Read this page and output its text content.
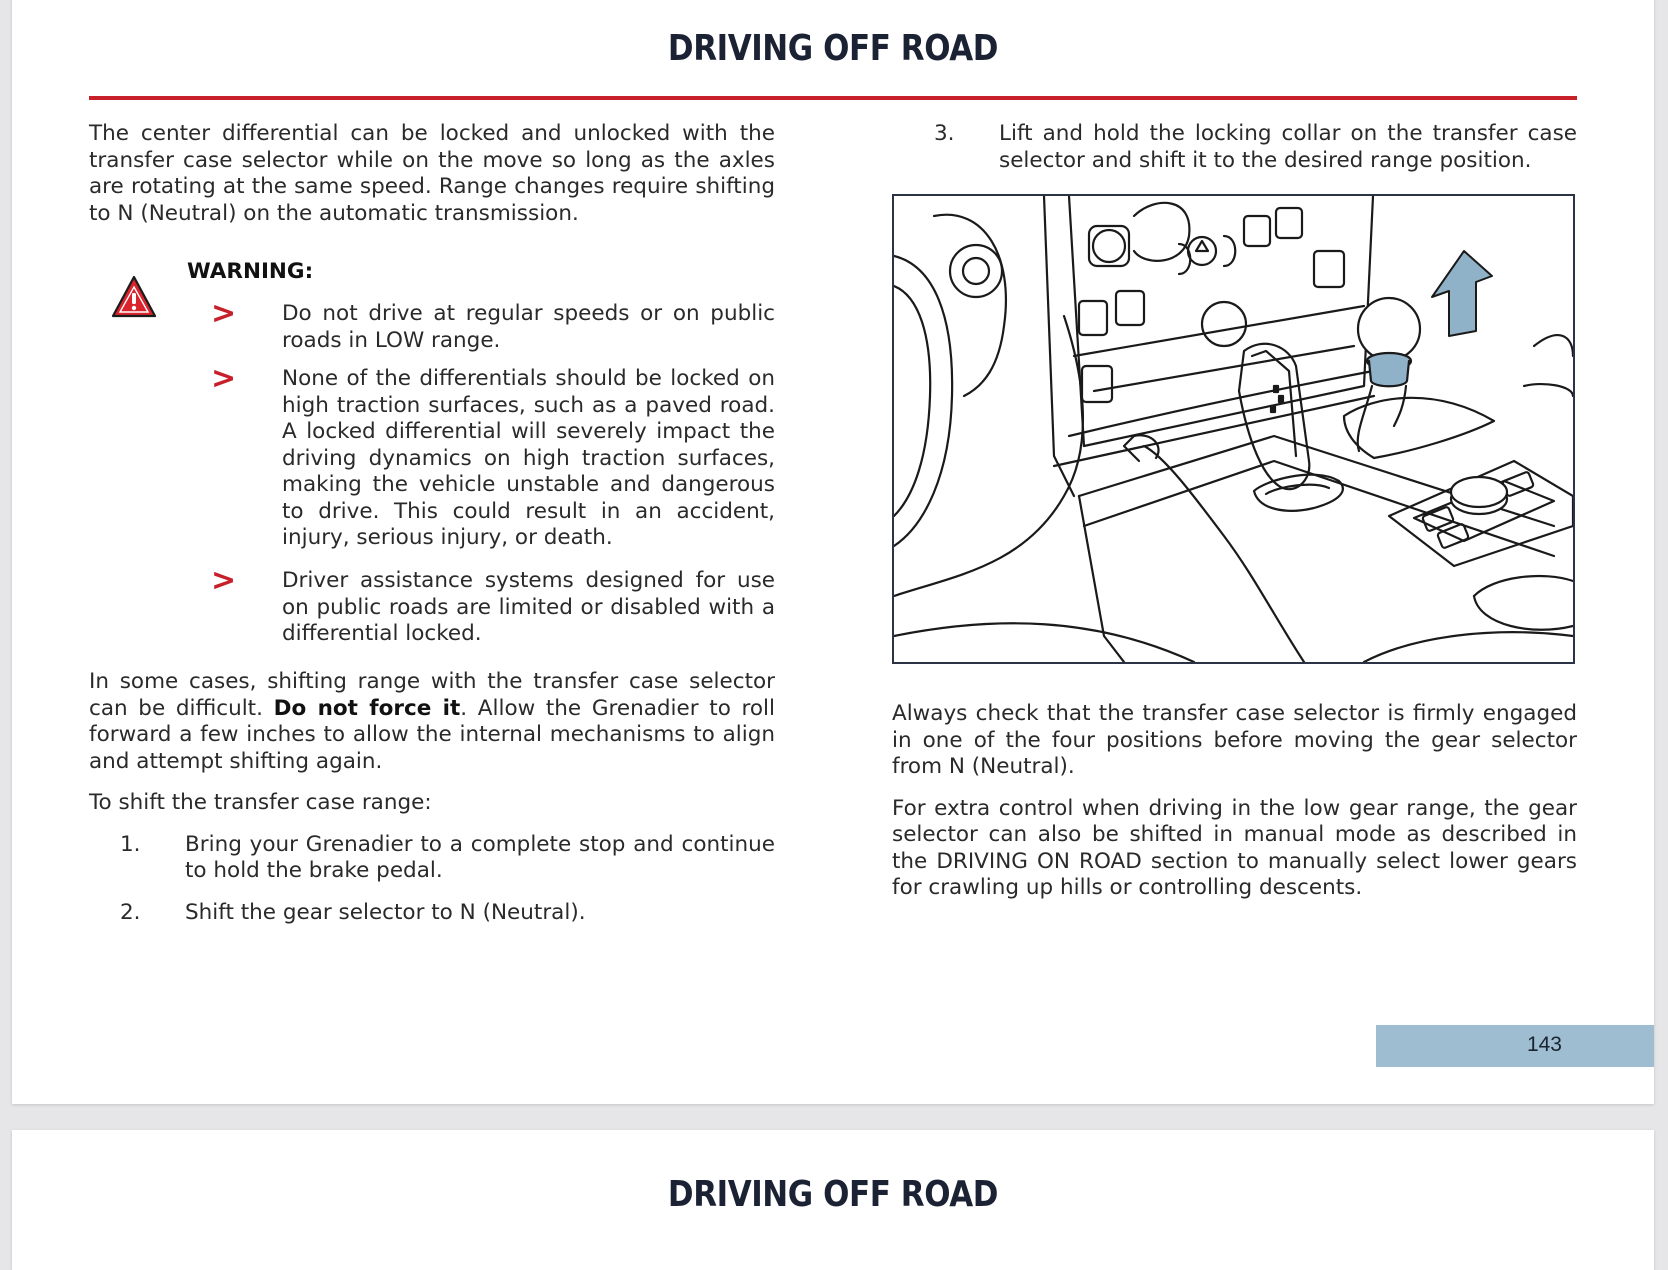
DRIVING OFF ROAD

The center differential can be locked and unlocked with the transfer case selector while on the move so long as the axles are rotating at the same speed. Range changes require shifting to N (Neutral) on the automatic transmission.

WARNING:
> Do not drive at regular speeds or on public roads in LOW range.
> None of the differentials should be locked on high traction surfaces, such as a paved road. A locked differential will severely impact the driving dynamics on high traction surfaces, making the vehicle unstable and dangerous to drive. This could result in an accident, injury, serious injury, or death.
> Driver assistance systems designed for use on public roads are limited or disabled with a differential locked.

In some cases, shifting range with the transfer case selector can be difficult. Do not force it. Allow the Grenadier to roll forward a few inches to allow the internal mechanisms to align and attempt shifting again.

To shift the transfer case range:

1. Bring your Grenadier to a complete stop and continue to hold the brake pedal.
2. Shift the gear selector to N (Neutral).
3. Lift and hold the locking collar on the transfer case selector and shift it to the desired range position.

Always check that the transfer case selector is firmly engaged in one of the four positions before moving the gear selector from N (Neutral).

For extra control when driving in the low gear range, the gear selector can also be shifted in manual mode as described in the DRIVING ON ROAD section to manually select lower gears for crawling up hills or controlling descents.

143
DRIVING OFF ROAD
